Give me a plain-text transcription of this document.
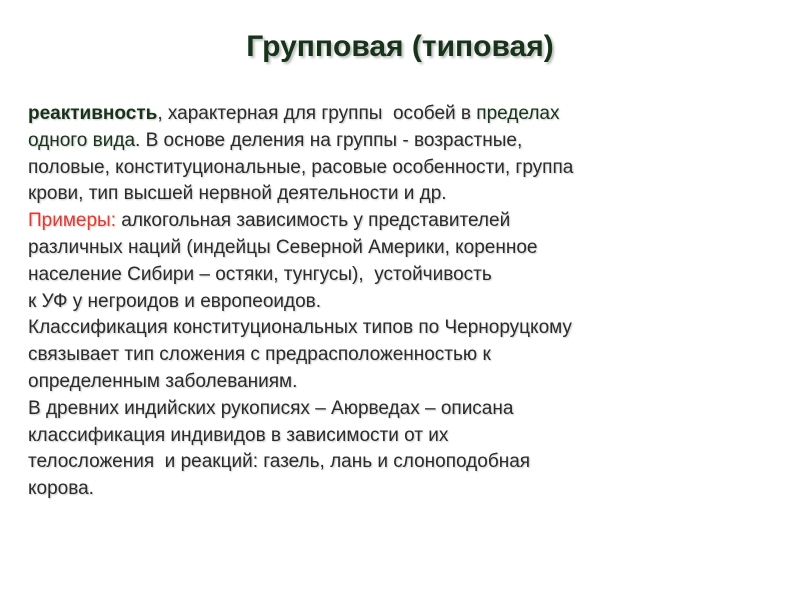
Групповая (типовая)
реактивность, характерная для группы  особей в пределах
одного вида. В основе деления на группы - возрастные,
половые, конституциональные, расовые особенности, группа
крови, тип высшей нервной деятельности и др.
Примеры: алкогольная зависимость у представителей
различных наций (индейцы Северной Америки, коренное
население Сибири – остяки, тунгусы),  устойчивость
к УФ у негроидов и европеоидов.
Классификация конституциональных типов по Черноруцкому
связывает тип сложения с предрасположенностью к
определенным заболеваниям.
В древних индийских рукописях – Аюрведах – описана
классификация индивидов в зависимости от их
телосложения  и реакций: газель, лань и слоноподобная
корова.
